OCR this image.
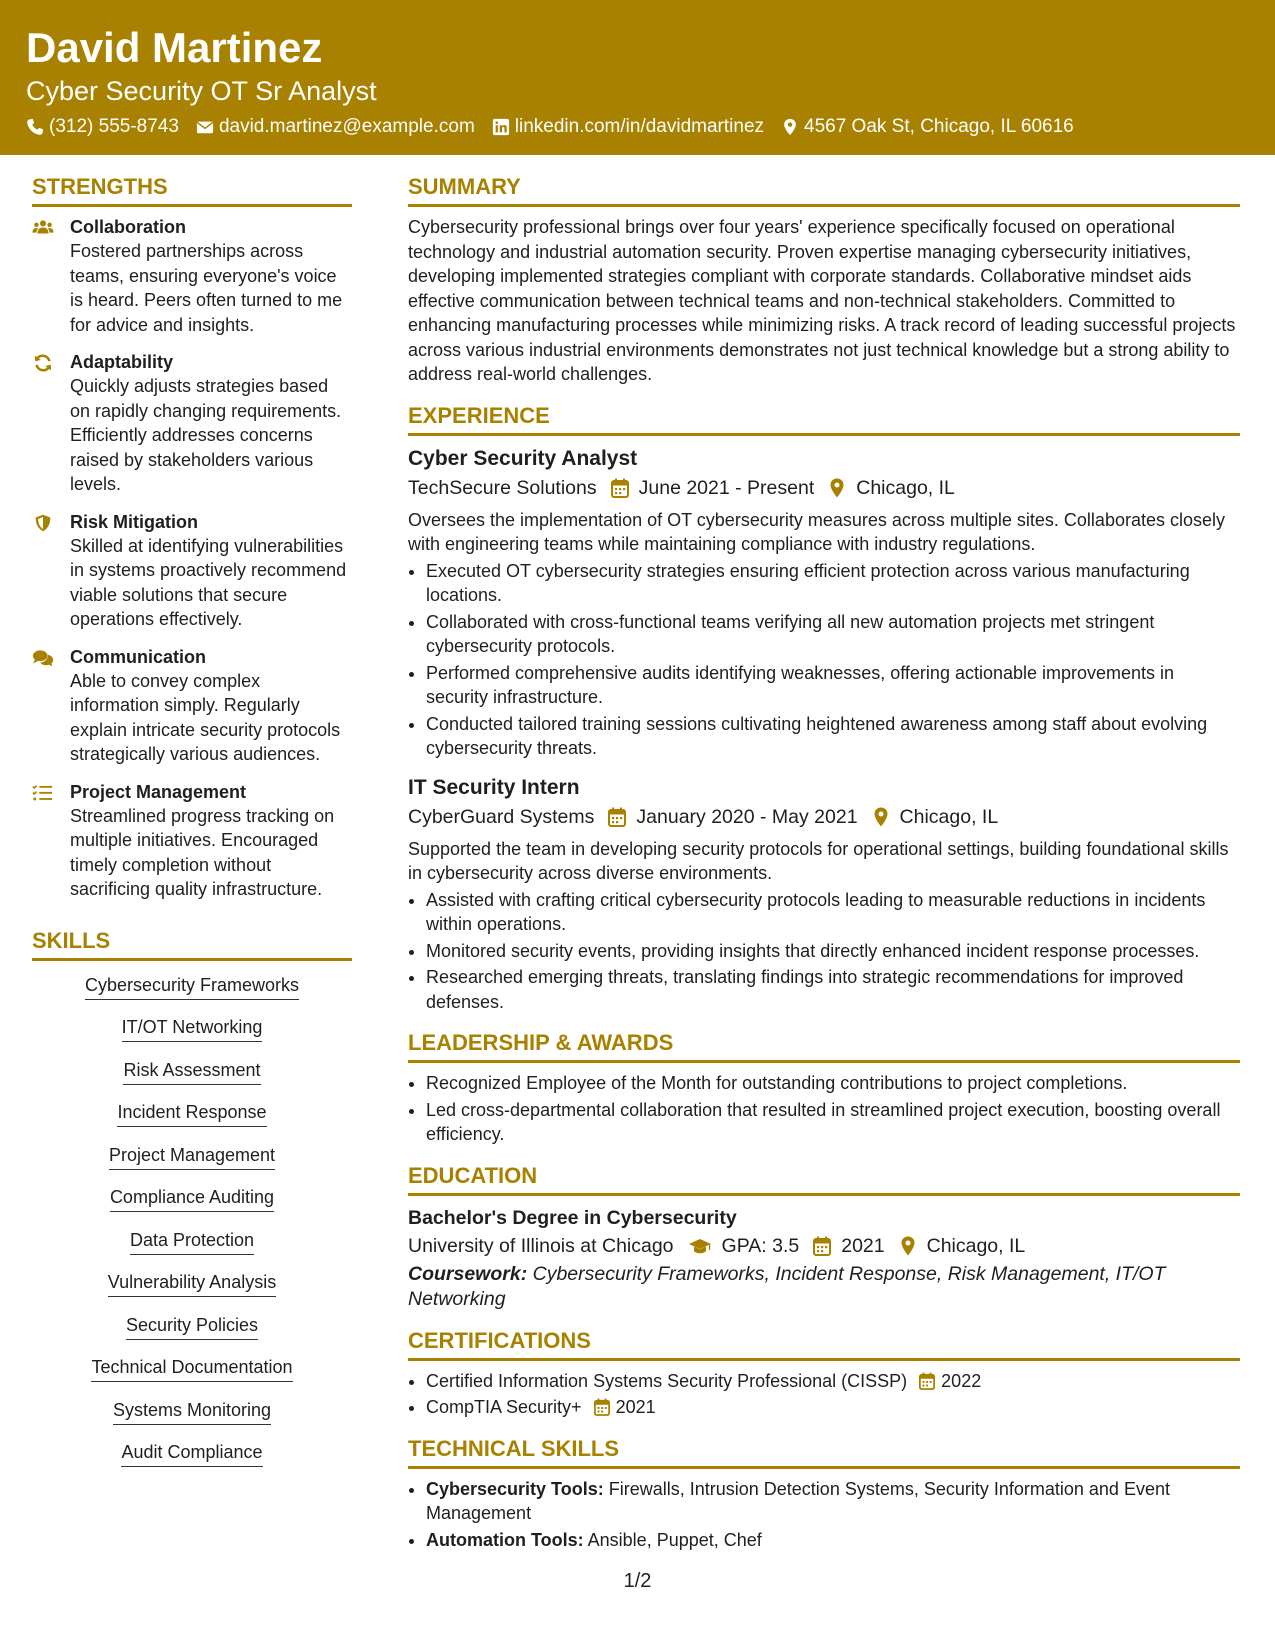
David Martinez
Cyber Security OT Sr Analyst
(312) 555-8743 david.martinez@example.com linkedin.com/in/davidmartinez 4567 Oak St, Chicago, IL 60616
STRENGTHS
Collaboration
Fostered partnerships across teams, ensuring everyone's voice is heard. Peers often turned to me for advice and insights.
Adaptability
Quickly adjusts strategies based on rapidly changing requirements. Efficiently addresses concerns raised by stakeholders various levels.
Risk Mitigation
Skilled at identifying vulnerabilities in systems proactively recommend viable solutions that secure operations effectively.
Communication
Able to convey complex information simply. Regularly explain intricate security protocols strategically various audiences.
Project Management
Streamlined progress tracking on multiple initiatives. Encouraged timely completion without sacrificing quality infrastructure.
SKILLS
Cybersecurity Frameworks
IT/OT Networking
Risk Assessment
Incident Response
Project Management
Compliance Auditing
Data Protection
Vulnerability Analysis
Security Policies
Technical Documentation
Systems Monitoring
Audit Compliance
SUMMARY
Cybersecurity professional brings over four years' experience specifically focused on operational technology and industrial automation security. Proven expertise managing cybersecurity initiatives, developing implemented strategies compliant with corporate standards. Collaborative mindset aids effective communication between technical teams and non-technical stakeholders. Committed to enhancing manufacturing processes while minimizing risks. A track record of leading successful projects across various industrial environments demonstrates not just technical knowledge but a strong ability to address real-world challenges.
EXPERIENCE
Cyber Security Analyst
TechSecure Solutions June 2021 - Present Chicago, IL
Oversees the implementation of OT cybersecurity measures across multiple sites. Collaborates closely with engineering teams while maintaining compliance with industry regulations.
• Executed OT cybersecurity strategies ensuring efficient protection across various manufacturing locations.
• Collaborated with cross-functional teams verifying all new automation projects met stringent cybersecurity protocols.
• Performed comprehensive audits identifying weaknesses, offering actionable improvements in security infrastructure.
• Conducted tailored training sessions cultivating heightened awareness among staff about evolving cybersecurity threats.
IT Security Intern
CyberGuard Systems January 2020 - May 2021 Chicago, IL
Supported the team in developing security protocols for operational settings, building foundational skills in cybersecurity across diverse environments.
• Assisted with crafting critical cybersecurity protocols leading to measurable reductions in incidents within operations.
• Monitored security events, providing insights that directly enhanced incident response processes.
• Researched emerging threats, translating findings into strategic recommendations for improved defenses.
LEADERSHIP & AWARDS
• Recognized Employee of the Month for outstanding contributions to project completions.
• Led cross-departmental collaboration that resulted in streamlined project execution, boosting overall efficiency.
EDUCATION
Bachelor's Degree in Cybersecurity
University of Illinois at Chicago GPA: 3.5 2021 Chicago, IL
Coursework: Cybersecurity Frameworks, Incident Response, Risk Management, IT/OT Networking
CERTIFICATIONS
• Certified Information Systems Security Professional (CISSP) 2022
• CompTIA Security+ 2021
TECHNICAL SKILLS
• Cybersecurity Tools: Firewalls, Intrusion Detection Systems, Security Information and Event Management
• Automation Tools: Ansible, Puppet, Chef
1/2
